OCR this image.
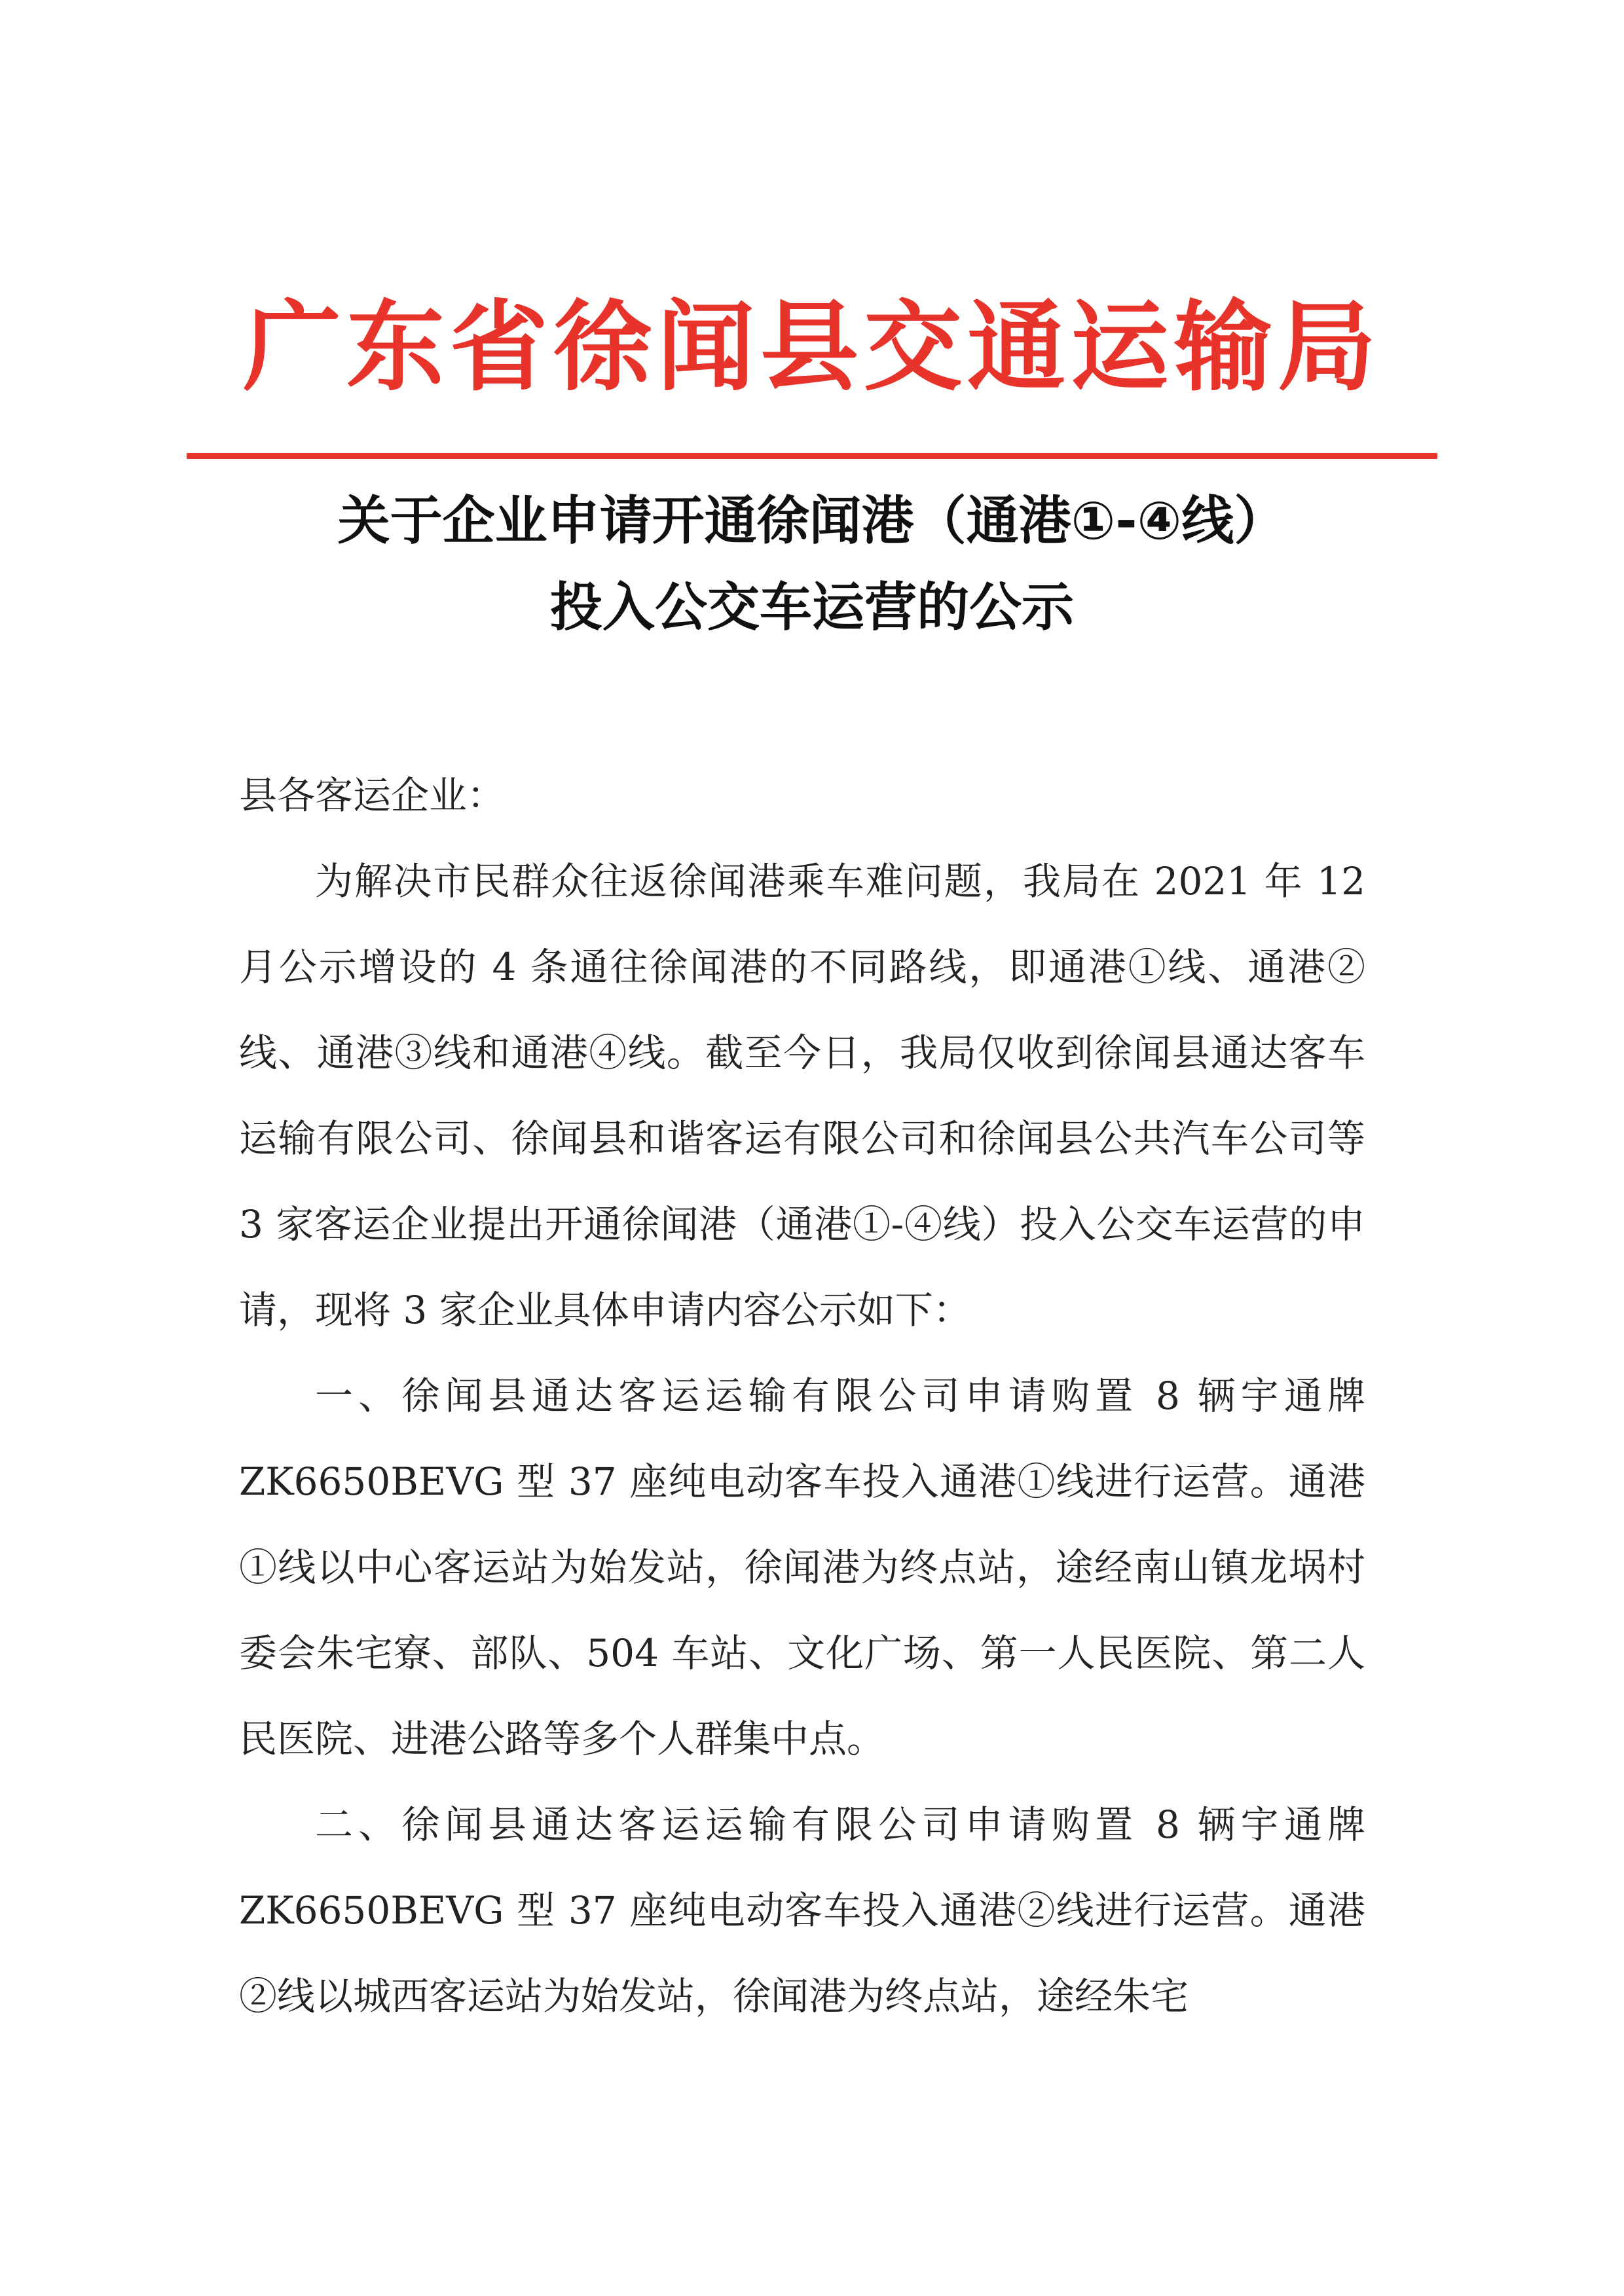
广东省徐闻县交通运输局
关于企业申请开通徐闻港（通港①-④线）
投入公交车运营的公示

县各客运企业：

为解决市民群众往返徐闻港乘车难问题，我局在 2021 年 12 月公示增设的 4 条通往徐闻港的不同路线，即通港①线、通港②线、通港③线和通港④线。截至今日，我局仅收到徐闻县通达客车运输有限公司、徐闻县和谐客运有限公司和徐闻县公共汽车公司等 3 家客运企业提出开通徐闻港（通港①-④线）投入公交车运营的申请，现将 3 家企业具体申请内容公示如下：

一、徐闻县通达客运运输有限公司申请购置 8 辆宇通牌 ZK6650BEVG 型 37 座纯电动客车投入通港①线进行运营。通港①线以中心客运站为始发站，徐闻港为终点站，途经南山镇龙埚村委会朱宅寮、部队、504 车站、文化广场、第一人民医院、第二人民医院、进港公路等多个人群集中点。

二、徐闻县通达客运运输有限公司申请购置 8 辆宇通牌 ZK6650BEVG 型 37 座纯电动客车投入通港②线进行运营。通港②线以城西客运站为始发站，徐闻港为终点站，途经朱宅
